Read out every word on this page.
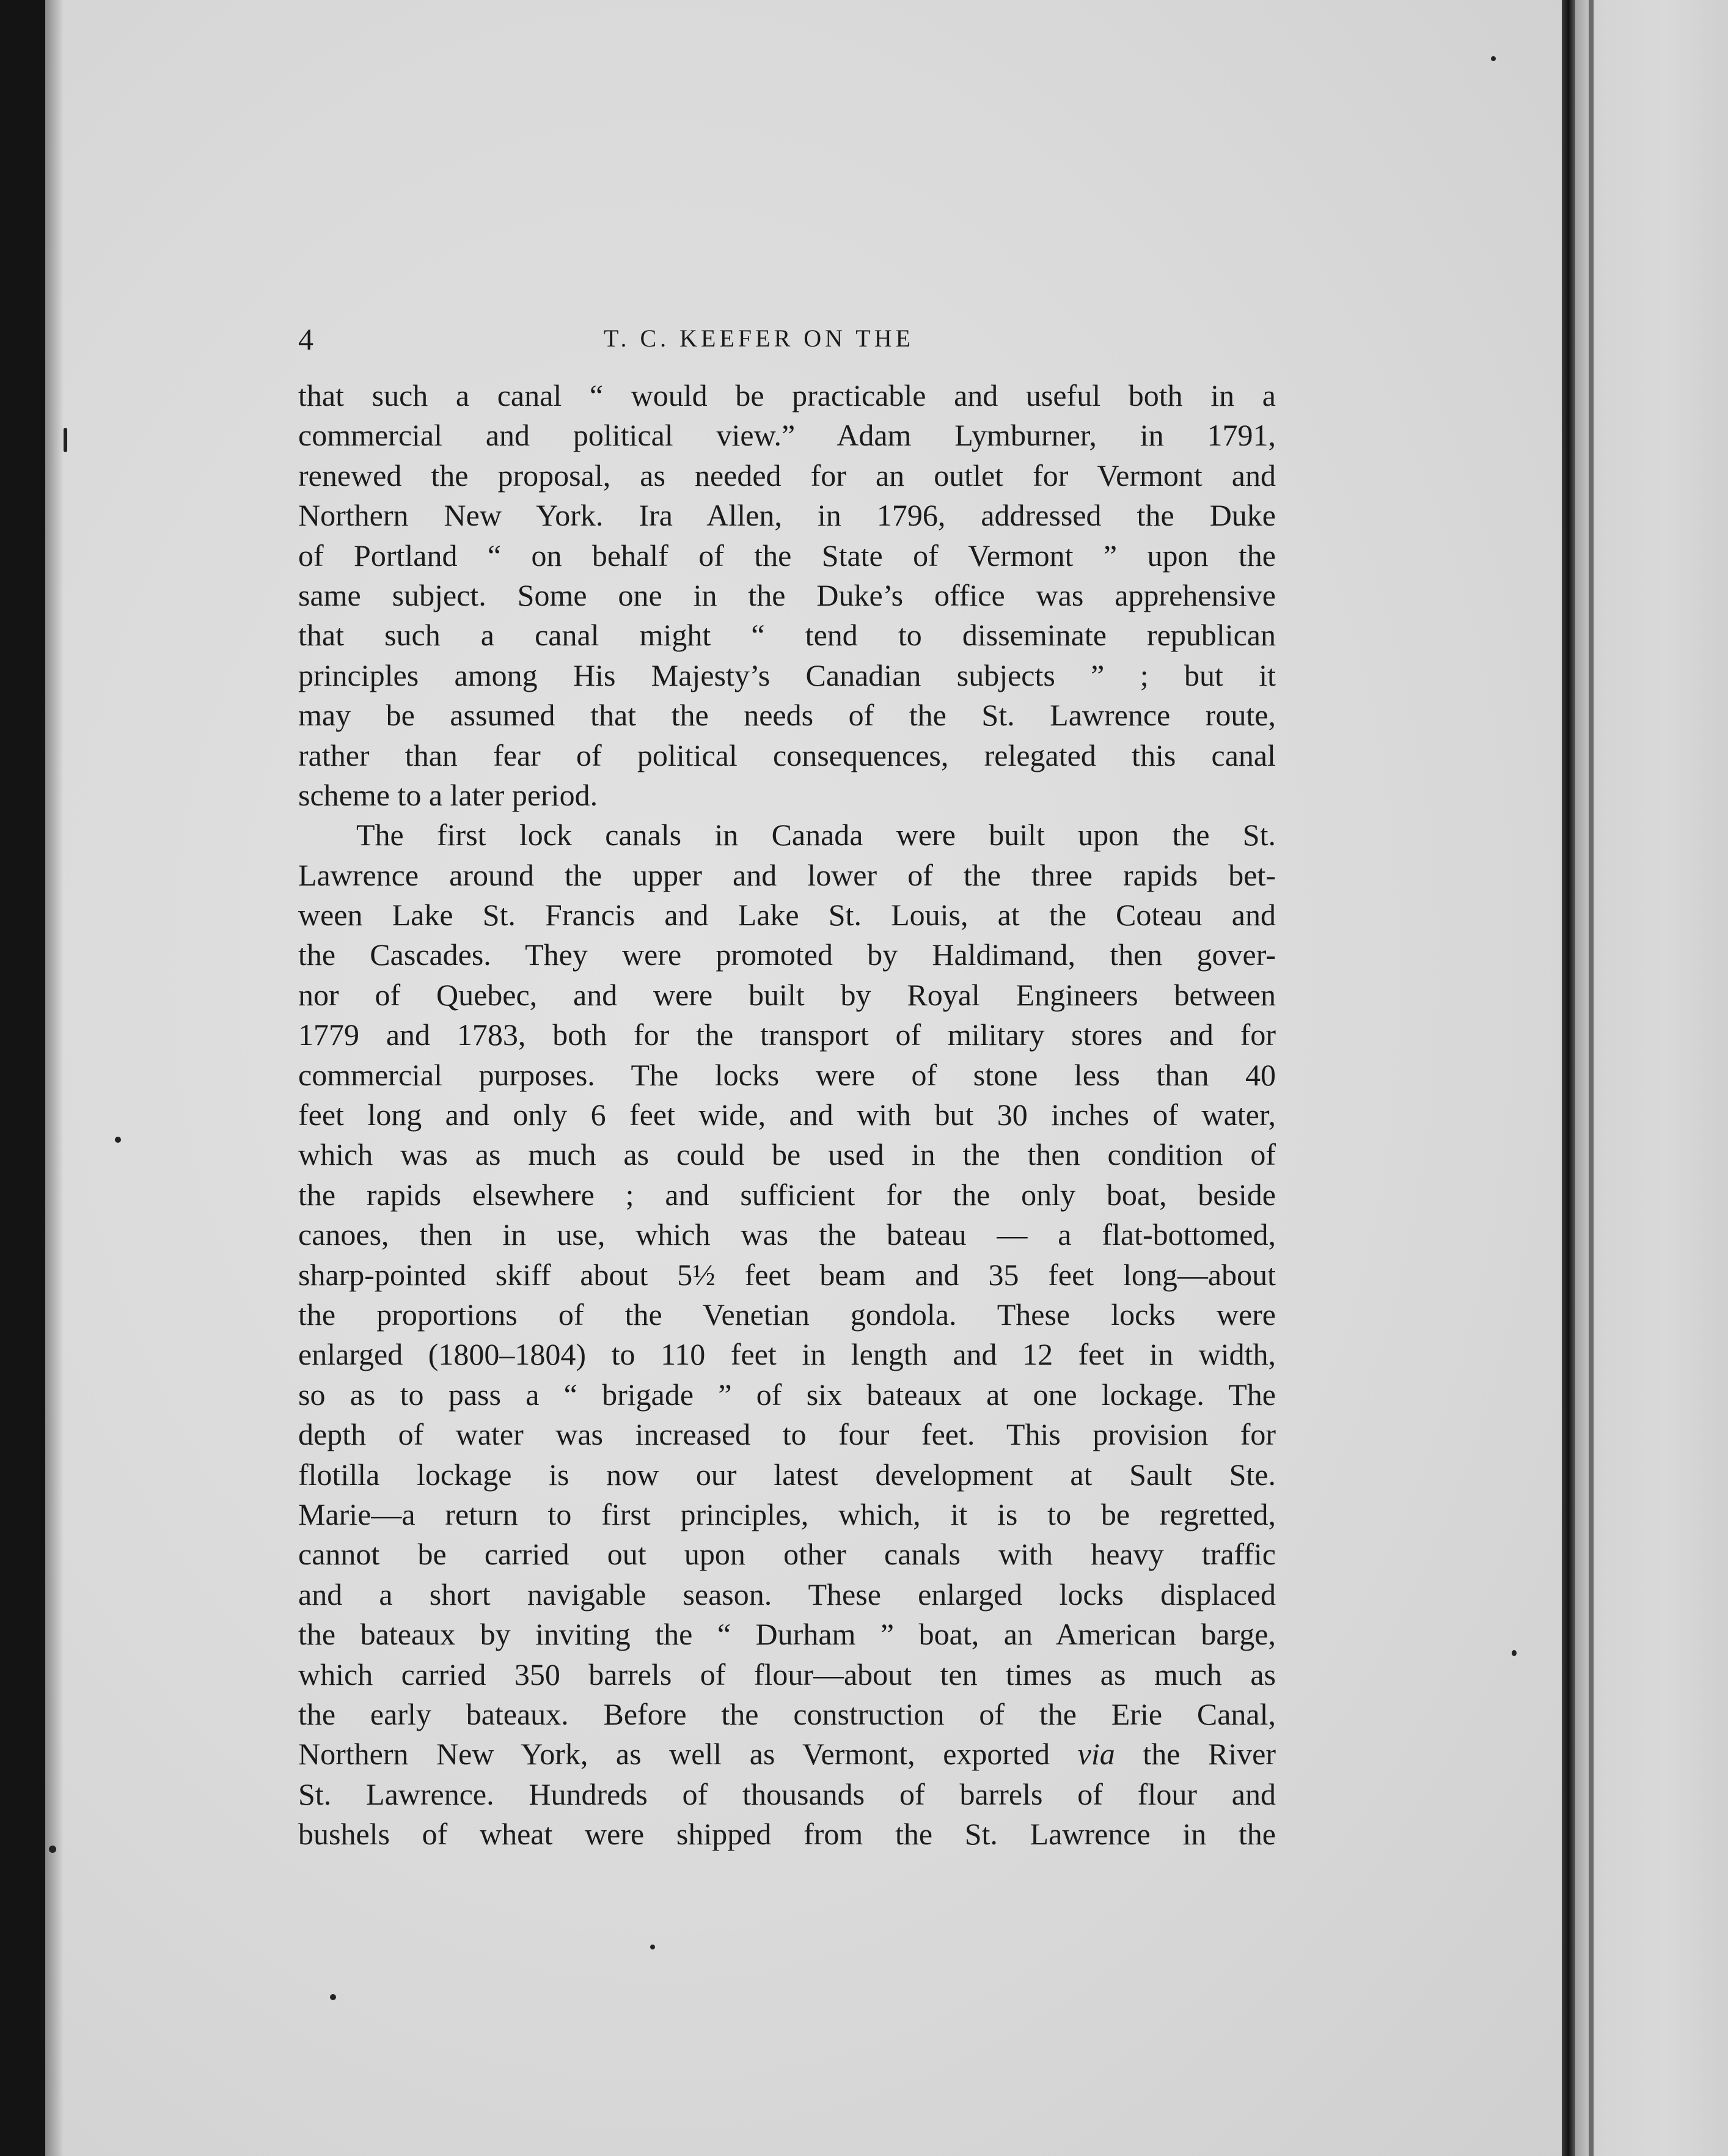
4	T. C. KEEFER ON THE
that such a canal “ would be practicable and useful both in a
commercial and political view.” Adam Lymburner, in 1791,
renewed the proposal, as needed for an outlet for Vermont and
Northern New York. Ira Allen, in 1796, addressed the Duke
of Portland “ on behalf of the State of Vermont ” upon the
same subject. Some one in the Duke’s office was apprehensive
that such a canal might “ tend to disseminate republican
principles among His Majesty’s Canadian subjects ” ; but it
may be assumed that the needs of the St. Lawrence route,
rather than fear of political consequences, relegated this canal
scheme to a later period.
The first lock canals in Canada were built upon the St.
Lawrence around the upper and lower of the three rapids bet-
ween Lake St. Francis and Lake St. Louis, at the Coteau and
the Cascades. They were promoted by Haldimand, then gover-
nor of Quebec, and were built by Royal Engineers between
1779 and 1783, both for the transport of military stores and for
commercial purposes. The locks were of stone less than 40
feet long and only 6 feet wide, and with but 30 inches of water,
which was as much as could be used in the then condition of
the rapids elsewhere ; and sufficient for the only boat, beside
canoes, then in use, which was the bateau — a flat-bottomed,
sharp-pointed skiff about 5½ feet beam and 35 feet long—about
the proportions of the Venetian gondola. These locks were
enlarged (1800–1804) to 110 feet in length and 12 feet in width,
so as to pass a “ brigade ” of six bateaux at one lockage. The
depth of water was increased to four feet. This provision for
flotilla lockage is now our latest development at Sault Ste.
Marie—a return to first principles, which, it is to be regretted,
cannot be carried out upon other canals with heavy traffic
and a short navigable season. These enlarged locks displaced
the bateaux by inviting the “ Durham ” boat, an American barge,
which carried 350 barrels of flour—about ten times as much as
the early bateaux. Before the construction of the Erie Canal,
Northern New York, as well as Vermont, exported via the River
St. Lawrence. Hundreds of thousands of barrels of flour and
bushels of wheat were shipped from the St. Lawrence in the
